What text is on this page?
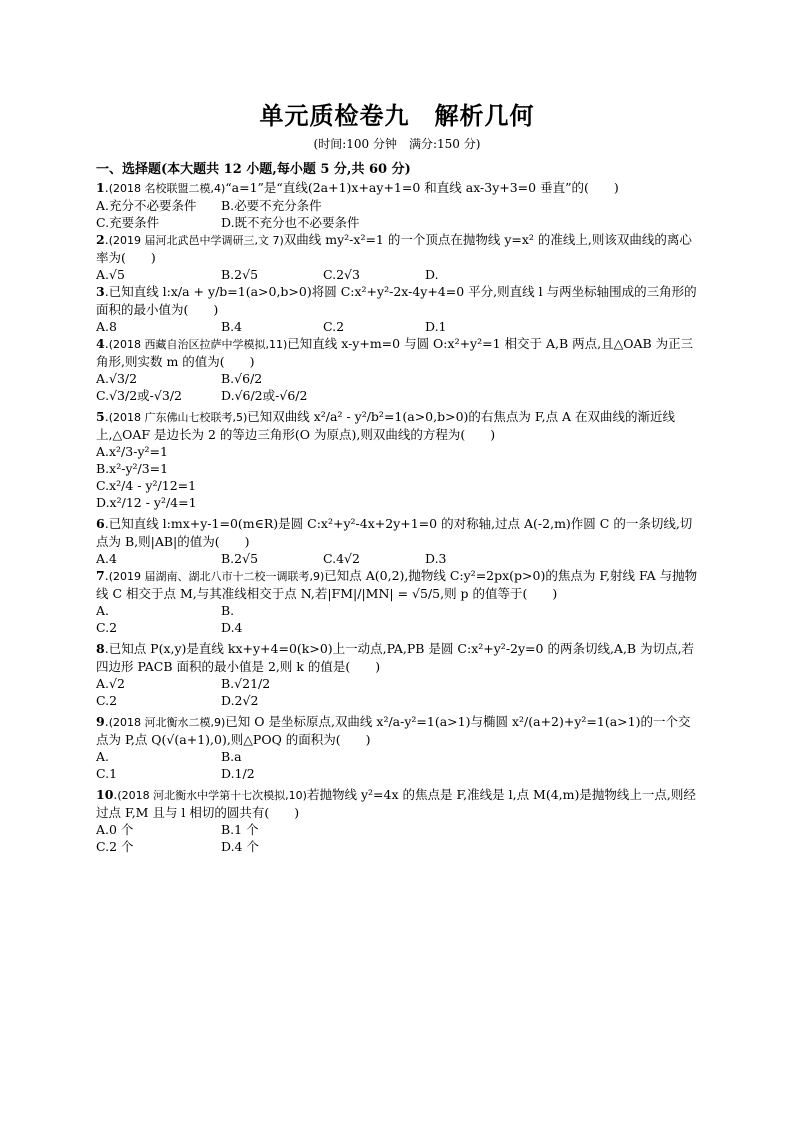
单元质检卷九　解析几何

(时间:100 分钟　满分:150 分)

一、选择题(本大题共 12 小题,每小题 5 分,共 60 分)

1.(2018 名校联盟二模,4)“a=1”是“直线(2a+1)x+ay+1=0 和直线 ax-3y+3=0 垂直”的(　　)

A.充分不必要条件	B.必要不充分条件
C.充要条件	D.既不充分也不必要条件

2.(2019 届河北武邑中学调研三,文 7)双曲线 my²-x²=1 的一个顶点在抛物线 y=x² 的准线上,则该双曲线的离心率为(　　)

A.√5	B.2√5	C.2√3	D.

3.已知直线 l:x/a + y/b=1(a>0,b>0)将圆 C:x²+y²-2x-4y+4=0 平分,则直线 l 与两坐标轴围成的三角形的面积的最小值为(　　)

A.8	B.4	C.2	D.1

4.(2018 西藏自治区拉萨中学模拟,11)已知直线 x-y+m=0 与圆 O:x²+y²=1 相交于 A,B 两点,且△OAB 为正三角形,则实数 m 的值为(　　)

A.√3/2	B.√6/2
C.√3/2或-√3/2	D.√6/2或-√6/2

5.(2018 广东佛山七校联考,5)已知双曲线 x²/a² - y²/b²=1(a>0,b>0)的右焦点为 F,点 A 在双曲线的渐近线上,△OAF 是边长为 2 的等边三角形(O 为原点),则双曲线的方程为(　　)

A.x²/3-y²=1
B.x²-y²/3=1
C.x²/4 - y²/12=1
D.x²/12 - y²/4=1

6.已知直线 l:mx+y-1=0(m∈R)是圆 C:x²+y²-4x+2y+1=0 的对称轴,过点 A(-2,m)作圆 C 的一条切线,切点为 B,则|AB|的值为(　　)

A.4	B.2√5	C.4√2	D.3

7.(2019 届湖南、湖北八市十二校一调联考,9)已知点 A(0,2),抛物线 C:y²=2px(p>0)的焦点为 F,射线 FA 与抛物线 C 相交于点 M,与其准线相交于点 N,若|FM|/|MN| = √5/5,则 p 的值等于(　　)

A.	B.
C.2	D.4

8.已知点 P(x,y)是直线 kx+y+4=0(k>0)上一动点,PA,PB 是圆 C:x²+y²-2y=0 的两条切线,A,B 为切点,若四边形 PACB 面积的最小值是 2,则 k 的值是(　　)

A.√2	B.√21/2
C.2	D.2√2

9.(2018 河北衡水二模,9)已知 O 是坐标原点,双曲线 x²/a-y²=1(a>1)与椭圆 x²/(a+2)+y²=1(a>1)的一个交点为 P,点 Q(√(a+1),0),则△POQ 的面积为(　　)

A.	B.a
C.1	D.1/2

10.(2018 河北衡水中学第十七次模拟,10)若抛物线 y²=4x 的焦点是 F,准线是 l,点 M(4,m)是抛物线上一点,则经过点 F,M 且与 l 相切的圆共有(　　)

A.0 个	B.1 个
C.2 个	D.4 个
